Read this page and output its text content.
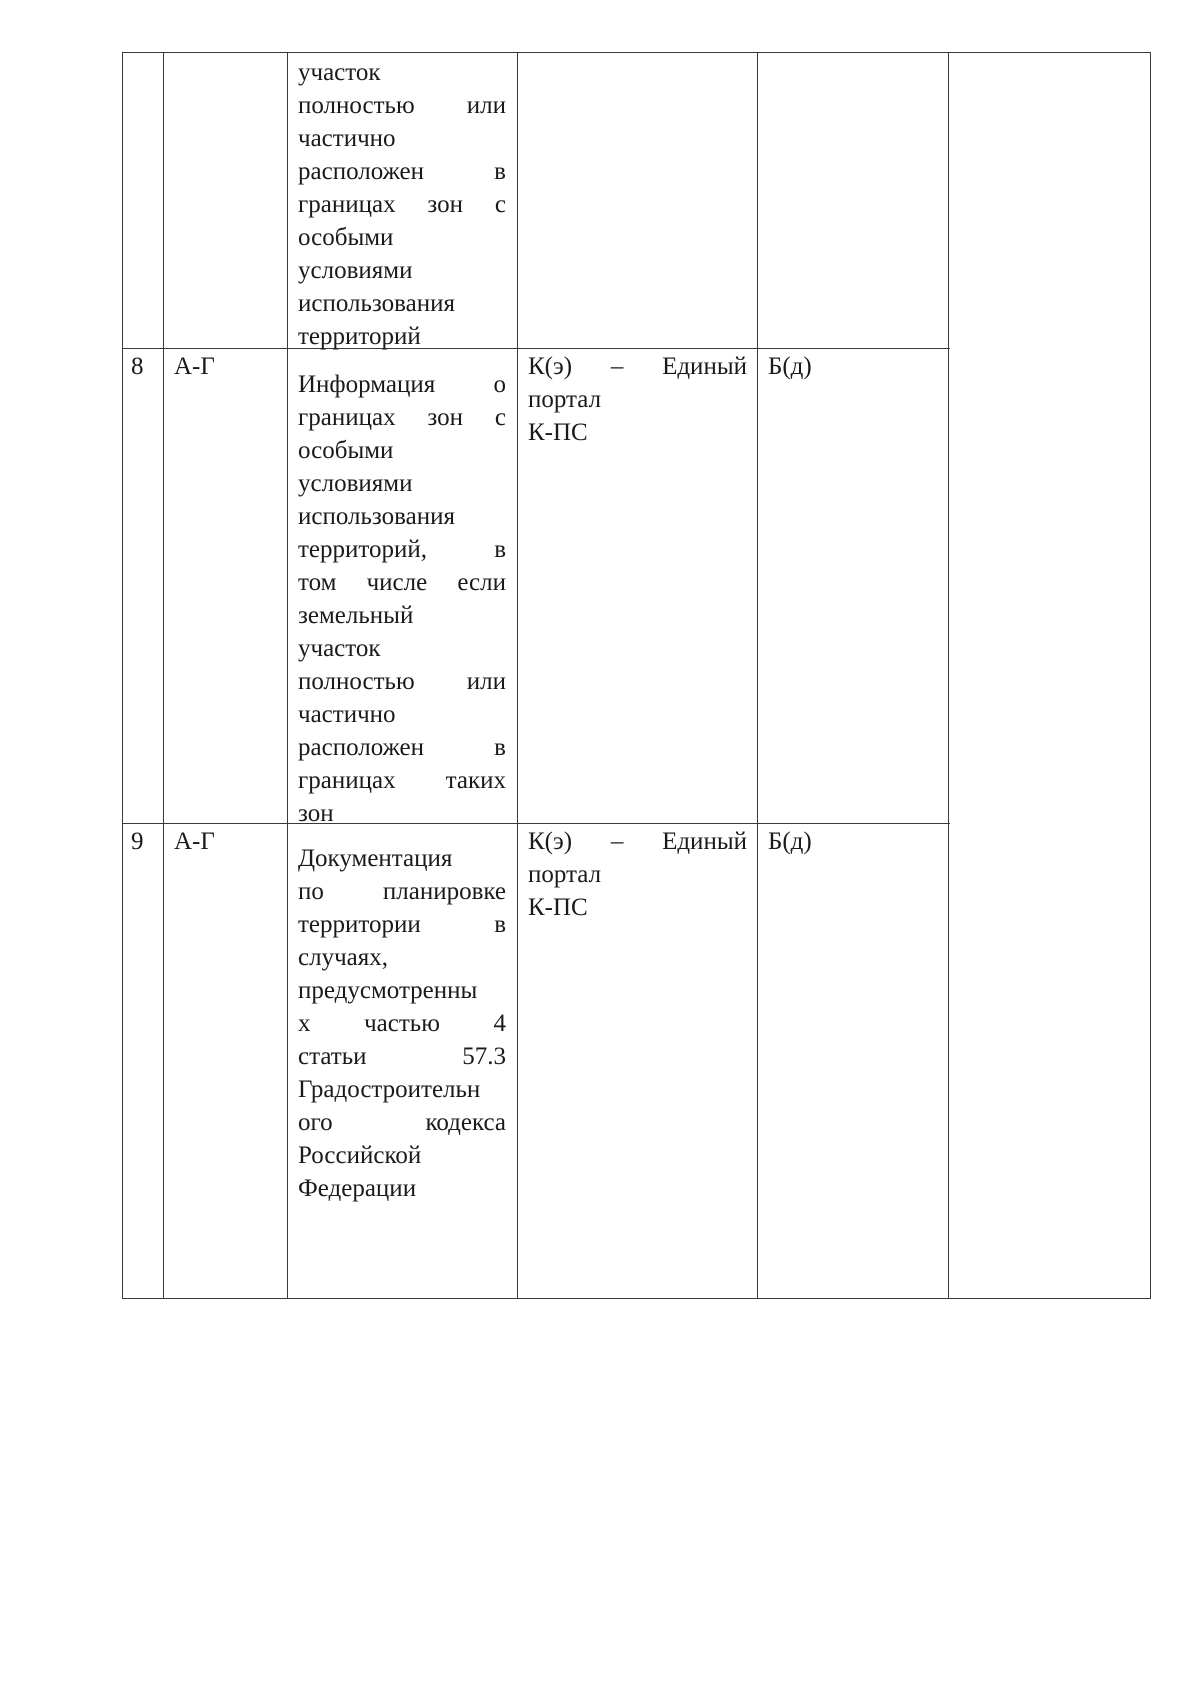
участок
полностью или
частично
расположен в
границах зон с
особыми
условиями
использования
территорий
8 А-Г
Информация о
границах зон с
особыми
условиями
использования
территорий, в
том числе если
земельный
участок
полностью или
частично
расположен в
границах таких
зон
К(э) – Единый
портал
К-ПС
Б(д)
9 А-Г
Документация
по планировке
территории в
случаях,
предусмотренны
х частью 4
статьи 57.3
Градостроительн
ого кодекса
Российской
Федерации
К(э) – Единый
портал
К-ПС
Б(д)
